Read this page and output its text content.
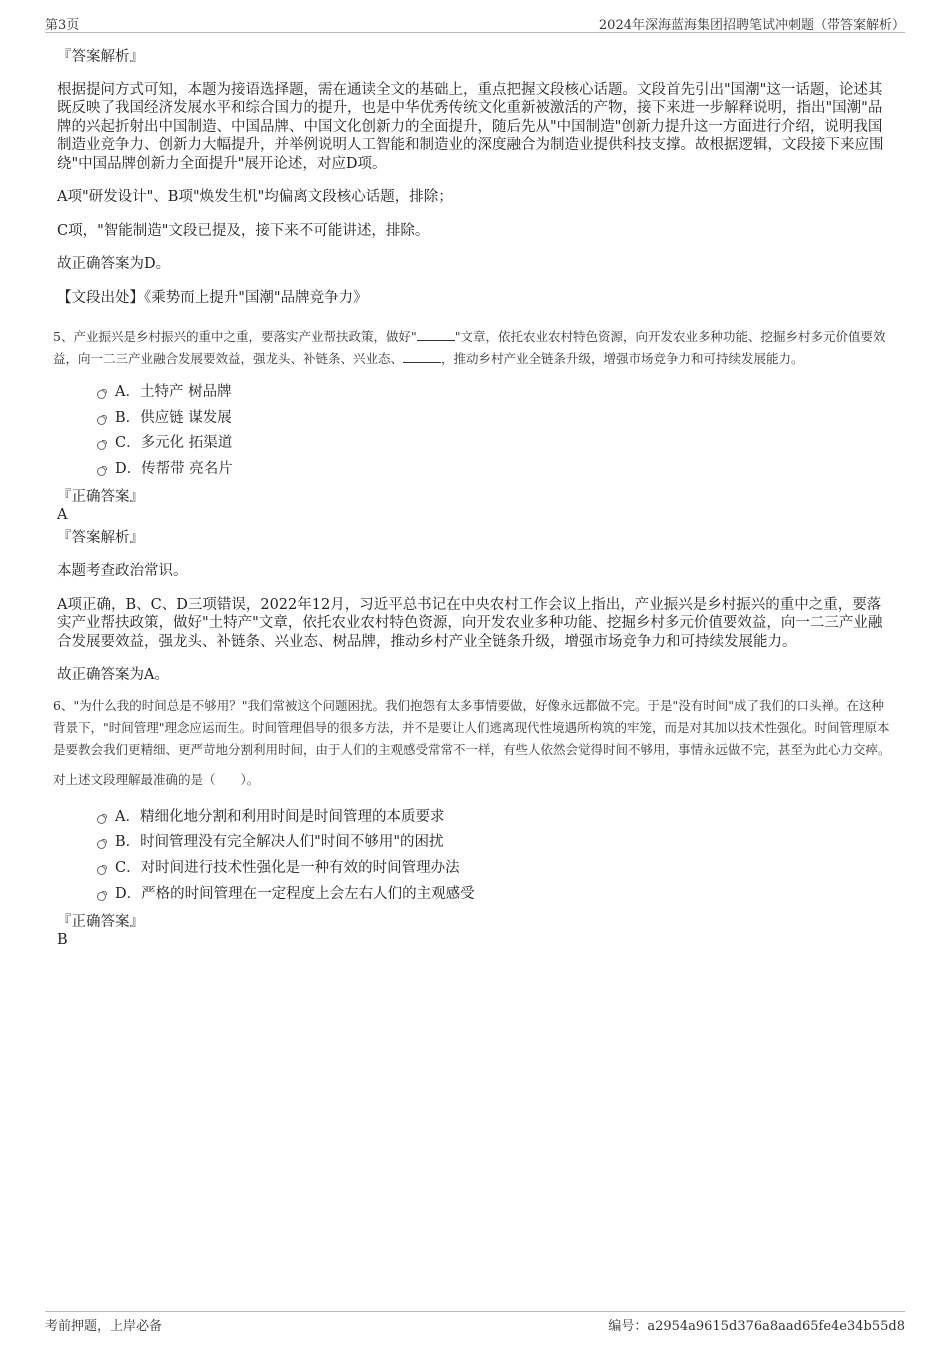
第3页	2024年深海蓝海集团招聘笔试冲刺题（带答案解析）

『答案解析』

根据提问方式可知，本题为接语选择题，需在通读全文的基础上，重点把握文段核心话题。文段首先引出"国潮"这一话题，论述其既反映了我国经济发展水平和综合国力的提升，也是中华优秀传统文化重新被激活的产物，接下来进一步解释说明，指出"国潮"品牌的兴起折射出中国制造、中国品牌、中国文化创新力的全面提升，随后先从"中国制造"创新力提升这一方面进行介绍，说明我国制造业竞争力、创新力大幅提升，并举例说明人工智能和制造业的深度融合为制造业提供科技支撑。故根据逻辑，文段接下来应围绕"中国品牌创新力全面提升"展开论述，对应D项。

A项"研发设计"、B项"焕发生机"均偏离文段核心话题，排除；

C项，"智能制造"文段已提及，接下来不可能讲述，排除。

故正确答案为D。

【文段出处】《乘势而上提升"国潮"品牌竞争力》

5、产业振兴是乡村振兴的重中之重，要落实产业帮扶政策，做好"	"文章，依托农业农村特色资源，向开发农业多种功能、挖掘乡村多元价值要效益，向一二三产业融合发展要效益，强龙头、补链条、兴业态、	，推动乡村产业全链条升级，增强市场竞争力和可持续发展能力。

A．土特产 树品牌
B．供应链 谋发展
C．多元化 拓渠道
D．传帮带 亮名片

『正确答案』

A

『答案解析』

本题考查政治常识。

A项正确，B、C、D三项错误，2022年12月，习近平总书记在中央农村工作会议上指出，产业振兴是乡村振兴的重中之重，要落实产业帮扶政策，做好"土特产"文章，依托农业农村特色资源，向开发农业多种功能、挖掘乡村多元价值要效益，向一二三产业融合发展要效益，强龙头、补链条、兴业态、树品牌，推动乡村产业全链条升级，增强市场竞争力和可持续发展能力。

故正确答案为A。

6、"为什么我的时间总是不够用？"我们常被这个问题困扰。我们抱怨有太多事情要做，好像永远都做不完。于是"没有时间"成了我们的口头禅。在这种背景下，"时间管理"理念应运而生。时间管理倡导的很多方法，并不是要让人们逃离现代性境遇所构筑的牢笼，而是对其加以技术性强化。时间管理原本是要教会我们更精细、更严苛地分割利用时间，由于人们的主观感受常常不一样，有些人依然会觉得时间不够用，事情永远做不完，甚至为此心力交瘁。

对上述文段理解最准确的是（　　）。

A．精细化地分割和利用时间是时间管理的本质要求
B．时间管理没有完全解决人们"时间不够用"的困扰
C．对时间进行技术性强化是一种有效的时间管理办法
D．严格的时间管理在一定程度上会左右人们的主观感受

『正确答案』

B

考前押题，上岸必备	编号：a2954a9615d376a8aad65fe4e34b55d8
